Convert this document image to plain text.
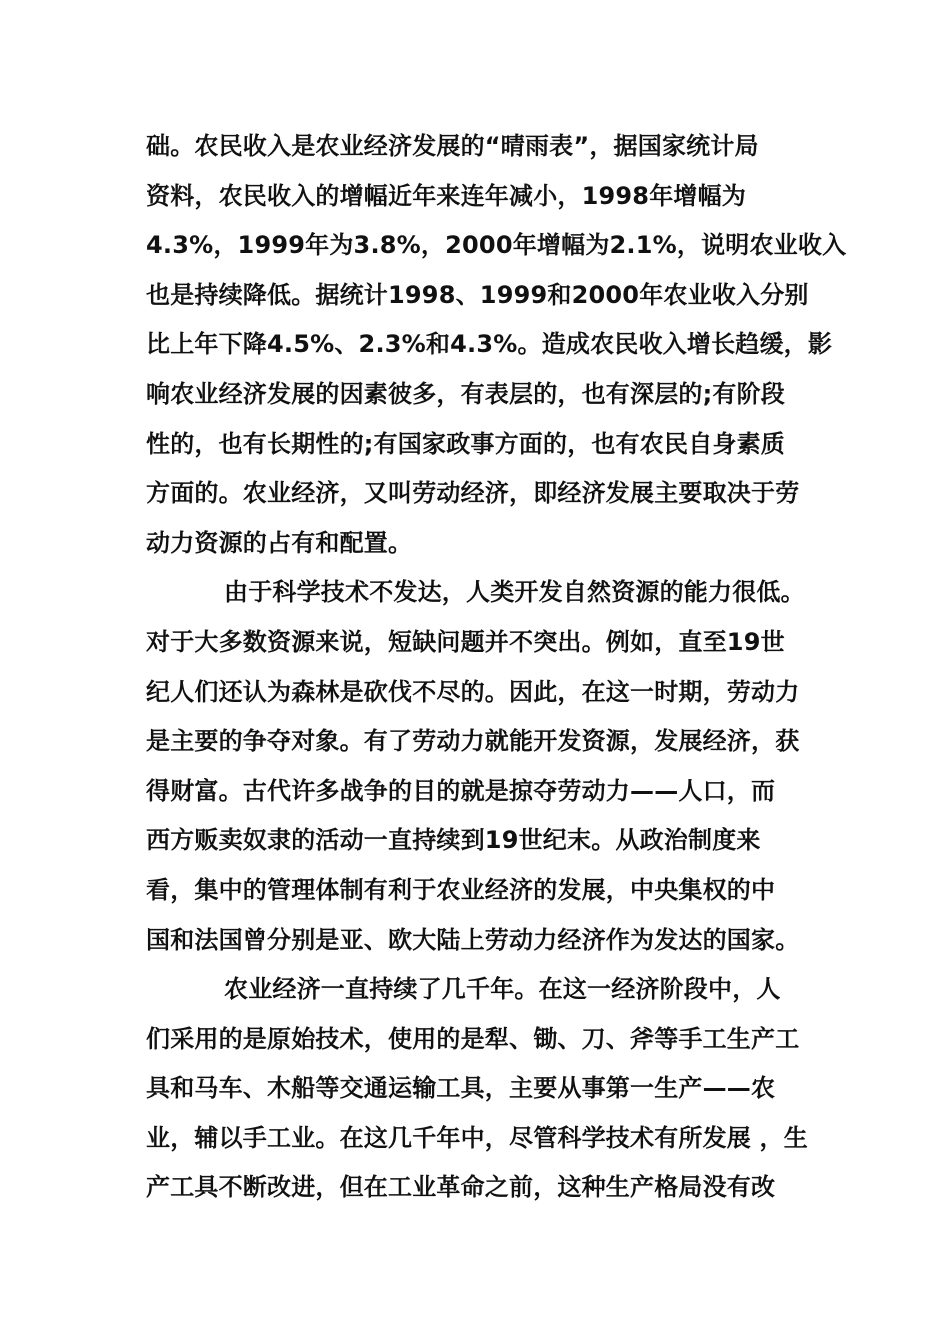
础。农民收入是农业经济发展的“晴雨表”，据国家统计局
资料，农民收入的增幅近年来连年减小，1998年增幅为
4.3%，1999年为3.8%，2000年增幅为2.1%，说明农业收入
也是持续降低。据统计1998、1999和2000年农业收入分别
比上年下降4.5%、2.3%和4.3%。造成农民收入增长趋缓，影
响农业经济发展的因素彼多，有表层的，也有深层的;有阶段
性的，也有长期性的;有国家政事方面的，也有农民自身素质
方面的。农业经济，又叫劳动经济，即经济发展主要取决于劳
动力资源的占有和配置。
由于科学技术不发达，人类开发自然资源的能力很低。
对于大多数资源来说，短缺问题并不突出。例如，直至19世
纪人们还认为森林是砍伐不尽的。因此，在这一时期，劳动力
是主要的争夺对象。有了劳动力就能开发资源，发展经济，获
得财富。古代许多战争的目的就是掠夺劳动力——人口，而
西方贩卖奴隶的活动一直持续到19世纪末。从政治制度来
看，集中的管理体制有利于农业经济的发展，中央集权的中
国和法国曾分别是亚、欧大陆上劳动力经济作为发达的国家。
农业经济一直持续了几千年。在这一经济阶段中，人
们采用的是原始技术，使用的是犁、锄、刀、斧等手工生产工
具和马车、木船等交通运输工具，主要从事第一生产——农
业，辅以手工业。在这几千年中，尽管科学技术有所发展 ，生
产工具不断改进，但在工业革命之前，这种生产格局没有改
